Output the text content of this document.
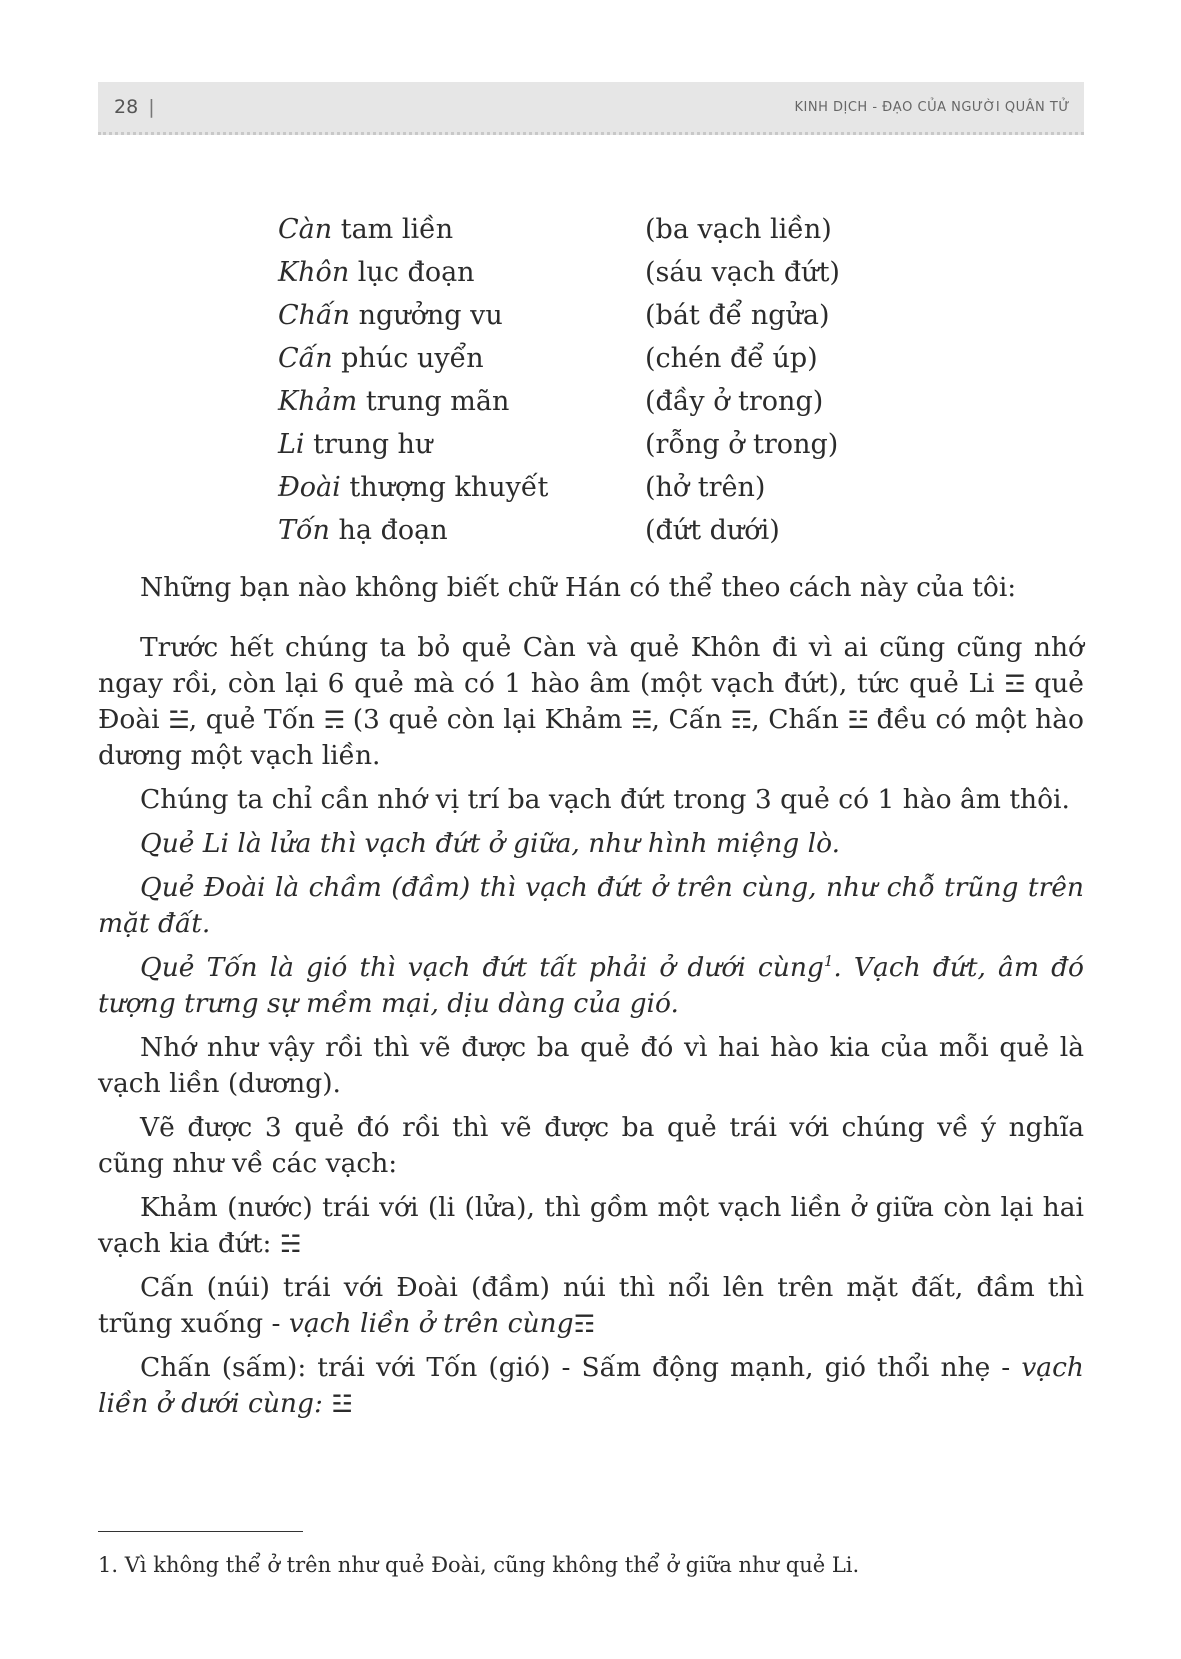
28 |	KINH DỊCH - ĐẠO CỦA NGƯỜI QUÂN TỬ
Càn tam liền	(ba vạch liền)
Khôn lục đoạn	(sáu vạch đứt)
Chấn ngưởng vu	(bát để ngửa)
Cấn phúc uyển	(chén để úp)
Khảm trung mãn	(đầy ở trong)
Li trung hư	(rỗng ở trong)
Đoài thượng khuyết	(hở trên)
Tốn hạ đoạn	(đứt dưới)
Những bạn nào không biết chữ Hán có thể theo cách này của tôi:

Trước hết chúng ta bỏ quẻ Càn và quẻ Khôn đi vì ai cũng cũng nhớ ngay rồi, còn lại 6 quẻ mà có 1 hào âm (một vạch đứt), tức quẻ Li ☲ quẻ Đoài ☱, quẻ Tốn ☴ (3 quẻ còn lại Khảm ☵, Cấn ☶, Chấn ☳ đều có một hào dương một vạch liền.

Chúng ta chỉ cần nhớ vị trí ba vạch đứt trong 3 quẻ có 1 hào âm thôi.

Quẻ Li là lửa thì vạch đứt ở giữa, như hình miệng lò.

Quẻ Đoài là chầm (đầm) thì vạch đứt ở trên cùng, như chỗ trũng trên mặt đất.

Quẻ Tốn là gió thì vạch đứt tất phải ở dưới cùng$^1$. Vạch đứt, âm đó tượng trưng sự mềm mại, dịu dàng của gió.

Nhớ như vậy rồi thì vẽ được ba quẻ đó vì hai hào kia của mỗi quẻ là vạch liền (dương).

Vẽ được 3 quẻ đó rồi thì vẽ được ba quẻ trái với chúng về ý nghĩa cũng như về các vạch:

Khảm (nước) trái với (li (lửa), thì gồm một vạch liền ở giữa còn lại hai vạch kia đứt: ☵

Cấn (núi) trái với Đoài (đầm) núi thì nổi lên trên mặt đất, đầm thì trũng xuống - vạch liền ở trên cùng☶

Chấn (sấm): trái với Tốn (gió) - Sấm động mạnh, gió thổi nhẹ - vạch liền ở dưới cùng: ☳

1. Vì không thể ở trên như quẻ Đoài, cũng không thể ở giữa như quẻ Li.
